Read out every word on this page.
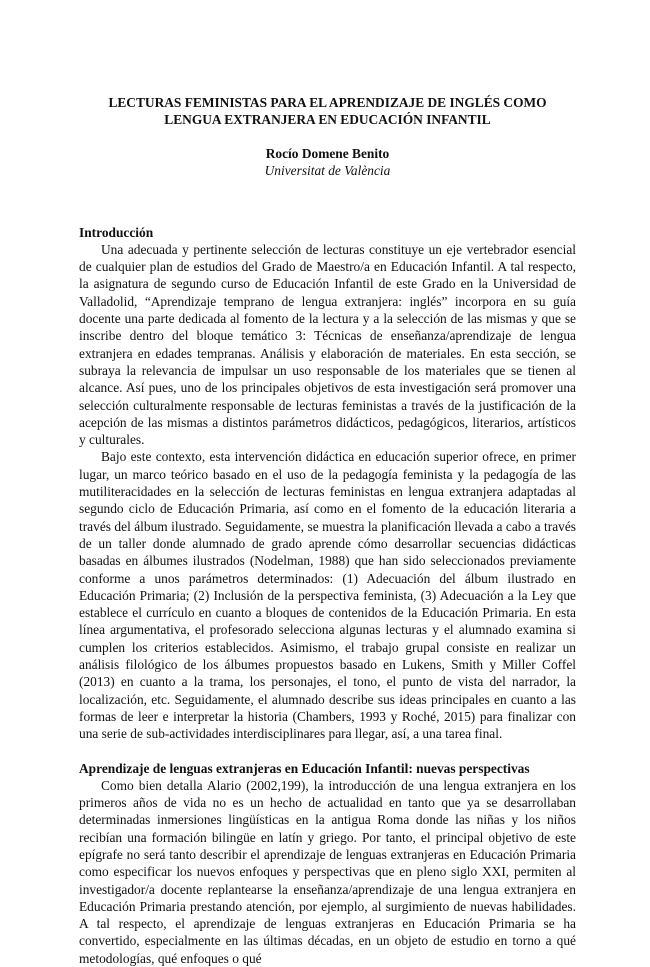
LECTURAS FEMINISTAS PARA EL APRENDIZAJE DE INGLÉS COMO LENGUA EXTRANJERA EN EDUCACIÓN INFANTIL
Rocío Domene Benito
Universitat de València
Introducción

Una adecuada y pertinente selección de lecturas constituye un eje vertebrador esencial de cualquier plan de estudios del Grado de Maestro/a en Educación Infantil. A tal respecto, la asignatura de segundo curso de Educación Infantil de este Grado en la Universidad de Valladolid, “Aprendizaje temprano de lengua extranjera: inglés” incorpora en su guía docente una parte dedicada al fomento de la lectura y a la selección de las mismas y que se inscribe dentro del bloque temático 3: Técnicas de enseñanza/aprendizaje de lengua extranjera en edades tempranas. Análisis y elaboración de materiales. En esta sección, se subraya la relevancia de impulsar un uso responsable de los materiales que se tienen al alcance. Así pues, uno de los principales objetivos de esta investigación será promover una selección culturalmente responsable de lecturas feministas a través de la justificación de la acepción de las mismas a distintos parámetros didácticos, pedagógicos, literarios, artísticos y culturales.

Bajo este contexto, esta intervención didáctica en educación superior ofrece, en primer lugar, un marco teórico basado en el uso de la pedagogía feminista y la pedagogía de las mutiliteracidades en la selección de lecturas feministas en lengua extranjera adaptadas al segundo ciclo de Educación Primaria, así como en el fomento de la educación literaria a través del álbum ilustrado. Seguidamente, se muestra la planificación llevada a cabo a través de un taller donde alumnado de grado aprende cómo desarrollar secuencias didácticas basadas en álbumes ilustrados (Nodelman, 1988) que han sido seleccionados previamente conforme a unos parámetros determinados: (1) Adecuación del álbum ilustrado en Educación Primaria; (2) Inclusión de la perspectiva feminista, (3) Adecuación a la Ley que establece el currículo en cuanto a bloques de contenidos de la Educación Primaria. En esta línea argumentativa, el profesorado selecciona algunas lecturas y el alumnado examina si cumplen los criterios establecidos. Asimismo, el trabajo grupal consiste en realizar un análisis filológico de los álbumes propuestos basado en Lukens, Smith y Miller Coffel (2013) en cuanto a la trama, los personajes, el tono, el punto de vista del narrador, la localización, etc. Seguidamente, el alumnado describe sus ideas principales en cuanto a las formas de leer e interpretar la historia (Chambers, 1993 y Roché, 2015) para finalizar con una serie de sub-actividades interdisciplinares para llegar, así, a una tarea final.

Aprendizaje de lenguas extranjeras en Educación Infantil: nuevas perspectivas

Como bien detalla Alario (2002,199), la introducción de una lengua extranjera en los primeros años de vida no es un hecho de actualidad en tanto que ya se desarrollaban determinadas inmersiones lingüísticas en la antigua Roma donde las niñas y los niños recibían una formación bilingüe en latín y griego. Por tanto, el principal objetivo de este epígrafe no será tanto describir el aprendizaje de lenguas extranjeras en Educación Primaria como especificar los nuevos enfoques y perspectivas que en pleno siglo XXI, permiten al investigador/a docente replantearse la enseñanza/aprendizaje de una lengua extranjera en Educación Primaria prestando atención, por ejemplo, al surgimiento de nuevas habilidades. A tal respecto, el aprendizaje de lenguas extranjeras en Educación Primaria se ha convertido, especialmente en las últimas décadas, en un objeto de estudio en torno a qué metodologías, qué enfoques o qué
